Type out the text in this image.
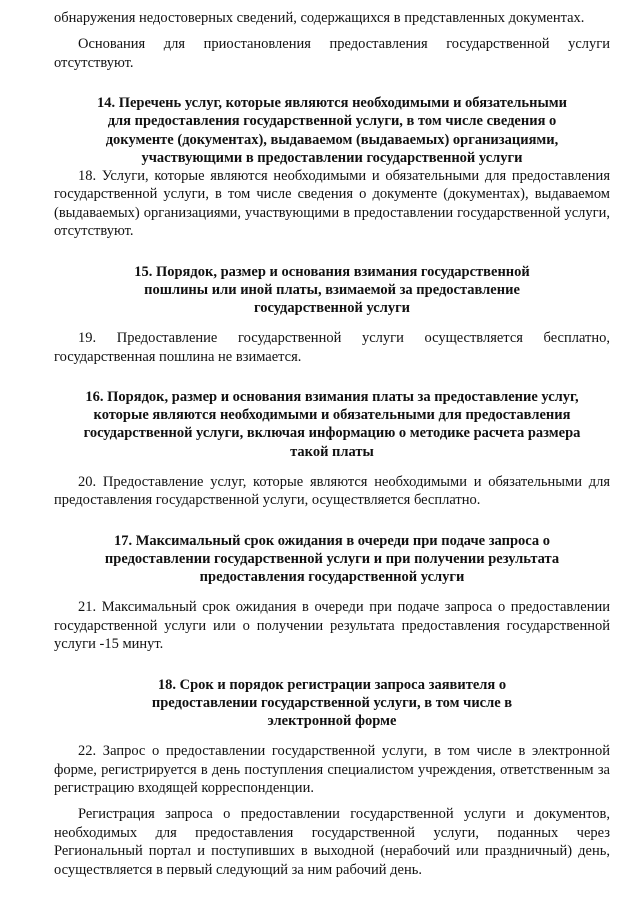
обнаружения недостоверных сведений, содержащихся в представленных документах.

Основания для приостановления предоставления государственной услуги отсутствуют.

14. Перечень услуг, которые являются необходимыми и обязательными для предоставления государственной услуги, в том числе сведения о документе (документах), выдаваемом (выдаваемых) организациями, участвующими в предоставлении государственной услуги

18. Услуги, которые являются необходимыми и обязательными для предоставления государственной услуги, в том числе сведения о документе (документах), выдаваемом (выдаваемых) организациями, участвующими в предоставлении государственной услуги, отсутствуют.

15. Порядок, размер и основания взимания государственной пошлины или иной платы, взимаемой за предоставление государственной услуги

19. Предоставление государственной услуги осуществляется бесплатно, государственная пошлина не взимается.

16. Порядок, размер и основания взимания платы за предоставление услуг, которые являются необходимыми и обязательными для предоставления государственной услуги, включая информацию о методике расчета размера такой платы

20. Предоставление услуг, которые являются необходимыми и обязательными для предоставления государственной услуги, осуществляется бесплатно.

17. Максимальный срок ожидания в очереди при подаче запроса о предоставлении государственной услуги и при получении результата предоставления государственной услуги

21. Максимальный срок ожидания в очереди при подаче запроса о предоставлении государственной услуги или о получении результата предоставления государственной услуги -15 минут.

18. Срок и порядок регистрации запроса заявителя о предоставлении государственной услуги, в том числе в электронной форме

22. Запрос о предоставлении государственной услуги, в том числе в электронной форме, регистрируется в день поступления специалистом учреждения, ответственным за регистрацию входящей корреспонденции.

Регистрация запроса о предоставлении государственной услуги и документов, необходимых для предоставления государственной услуги, поданных через Региональный портал и поступивших в выходной (нерабочий или праздничный) день, осуществляется в первый следующий за ним рабочий день.
